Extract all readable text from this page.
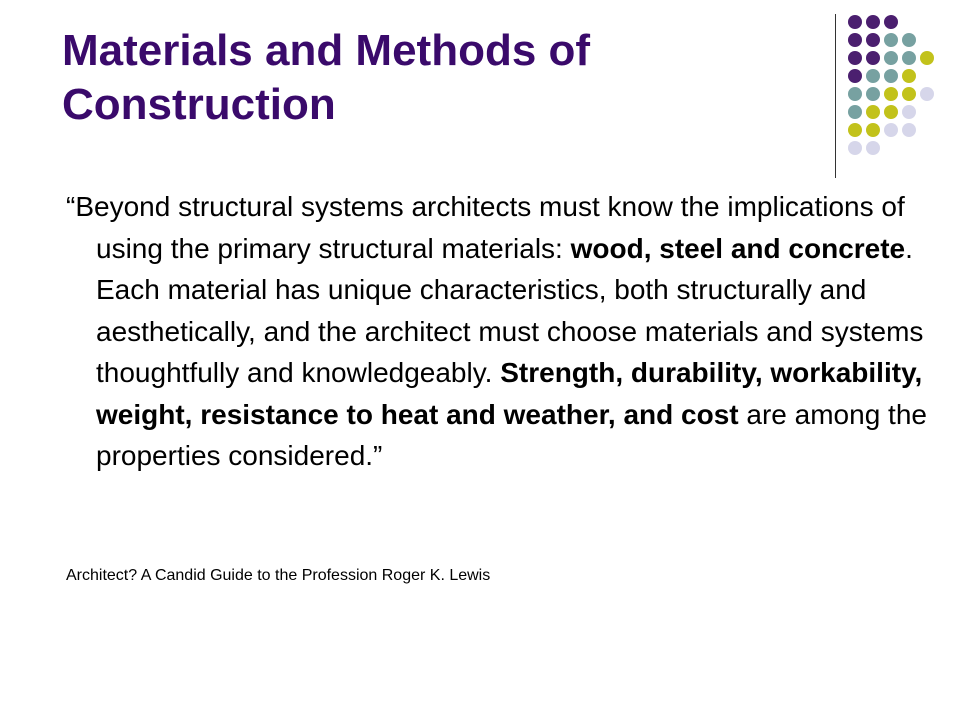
Materials and Methods of Construction

“Beyond structural systems architects must know the implications of using the primary structural materials: wood, steel and concrete. Each material has unique characteristics, both structurally and aesthetically, and the architect must choose materials and systems thoughtfully and knowledgeably. Strength, durability, workability, weight, resistance to heat and weather, and cost are among the properties considered.”

Architect? A Candid Guide to the Profession Roger K. Lewis
